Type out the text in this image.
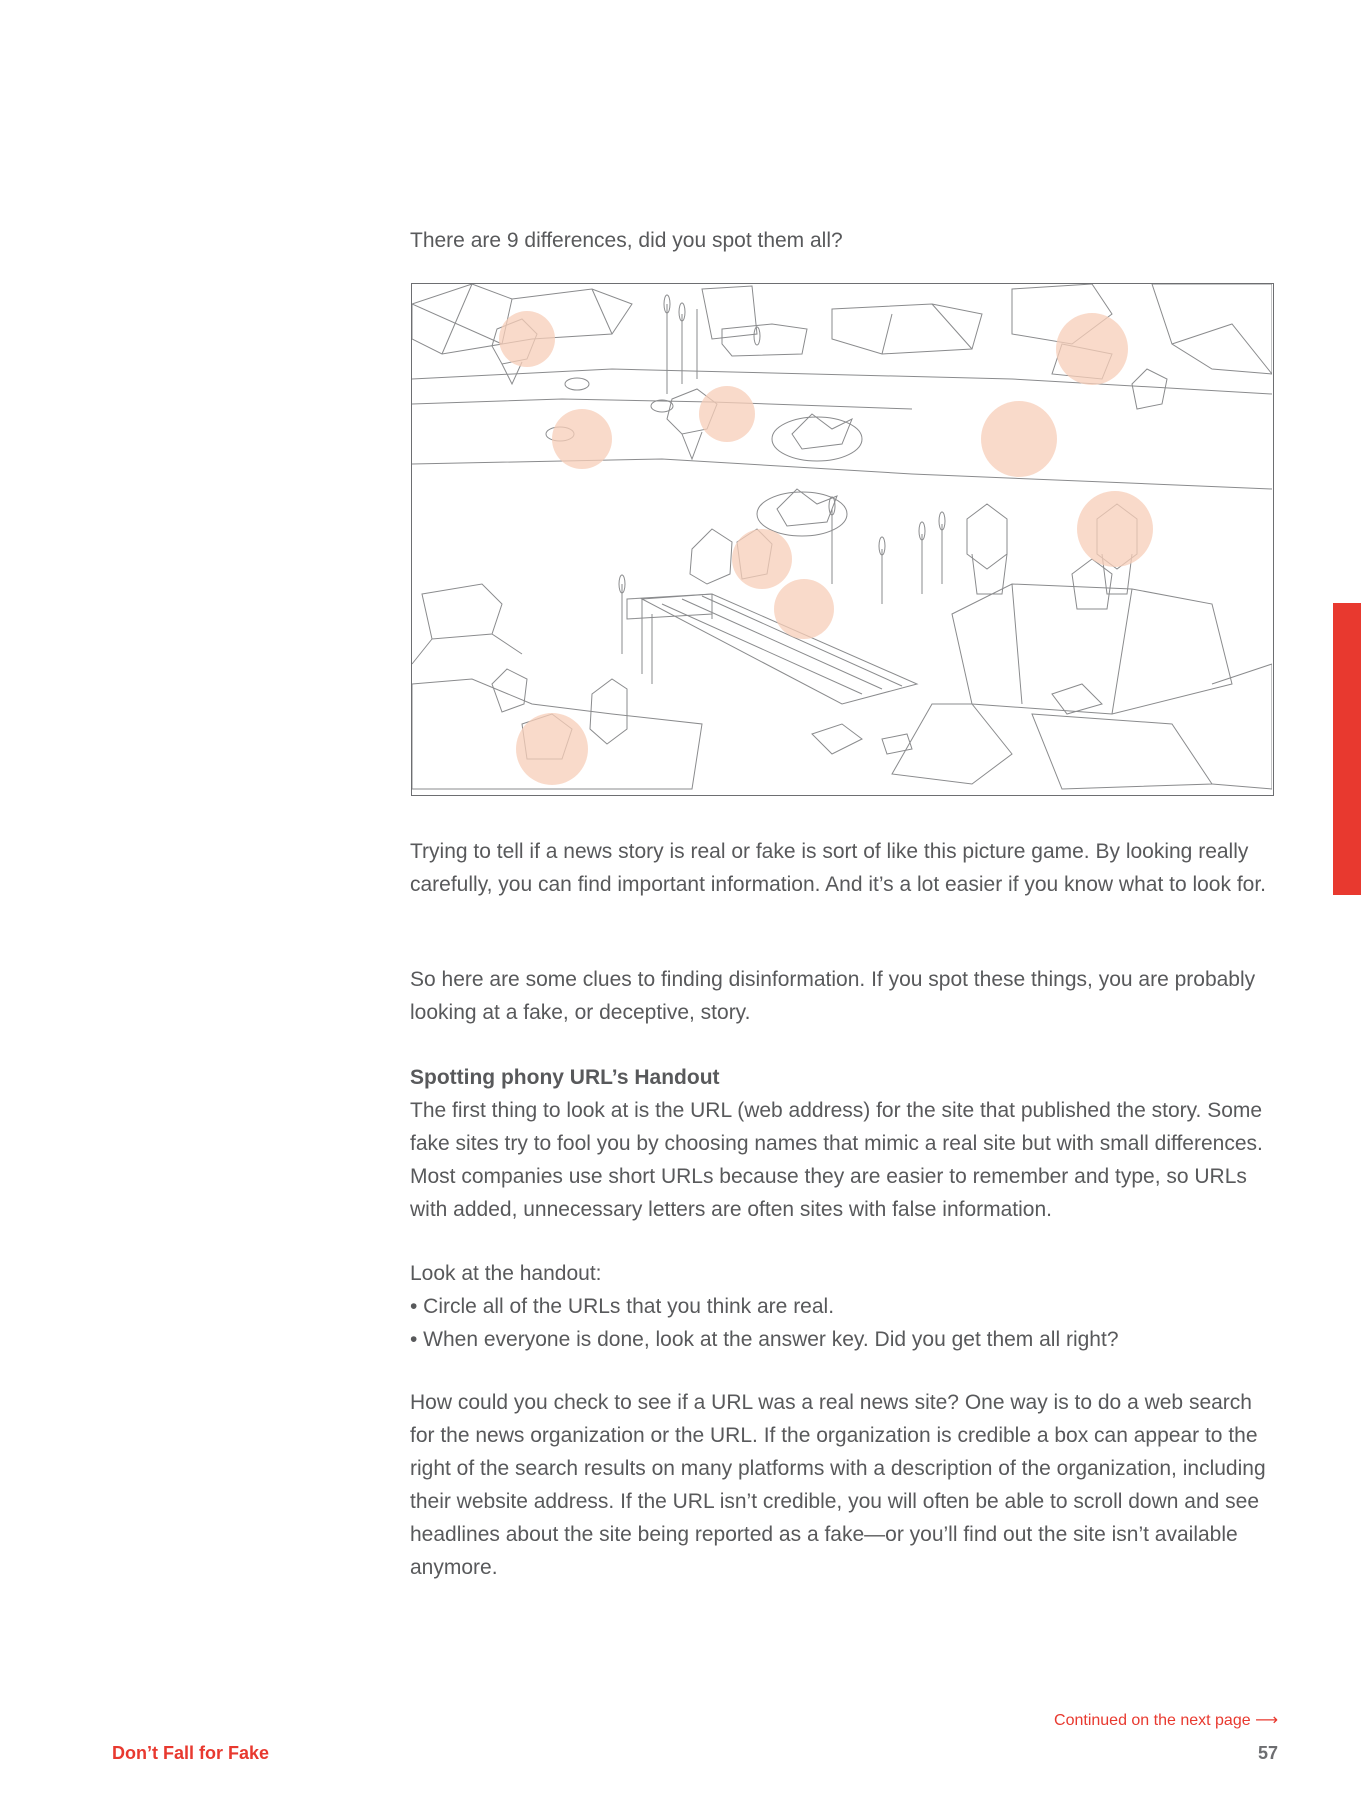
There are 9 differences, did you spot them all?

Trying to tell if a news story is real or fake is sort of like this picture game. By looking really carefully, you can find important information. And it’s a lot easier if you know what to look for.

So here are some clues to finding disinformation. If you spot these things, you are probably looking at a fake, or deceptive, story.

Spotting phony URL’s Handout
The first thing to look at is the URL (web address) for the site that published the story. Some fake sites try to fool you by choosing names that mimic a real site but with small differences. Most companies use short URLs because they are easier to remember and type, so URLs with added, unnecessary letters are often sites with false information.
Look at the handout:
• Circle all of the URLs that you think are real.
• When everyone is done, look at the answer key. Did you get them all right?

How could you check to see if a URL was a real news site? One way is to do a web search for the news organization or the URL. If the organization is credible a box can appear to the right of the search results on many platforms with a description of the organization, including their website address. If the URL isn’t credible, you will often be able to scroll down and see headlines about the site being reported as a fake—or you’ll find out the site isn’t available anymore.

Continued on the next page ⟶
Don’t Fall for Fake	57
